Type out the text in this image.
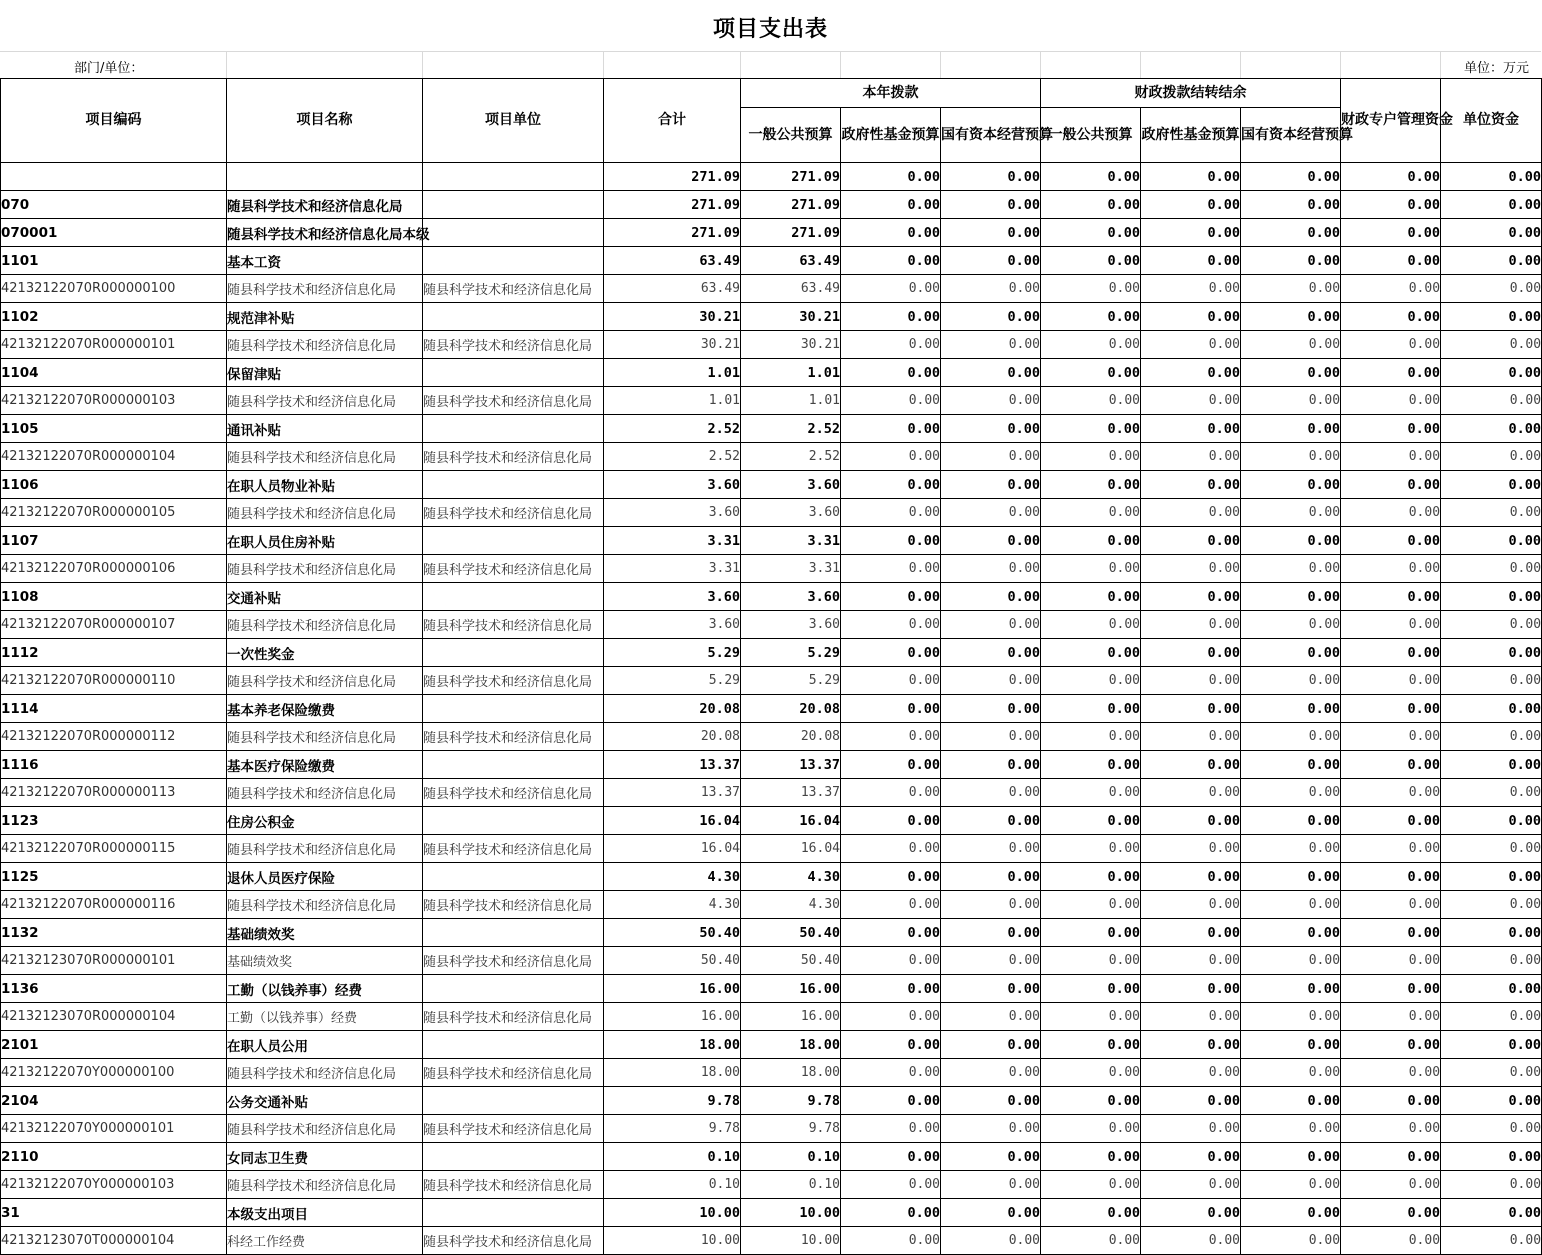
项目支出表
部门/单位：	单位：万元
项目编码	项目名称	项目单位	合计	本年拨款			财政拨款结转结余			财政专户管理资金	单位资金
				一般公共预算	政府性基金预算	国有资本经营预算	一般公共预算	政府性基金预算	国有资本经营预算		
			271.09	271.09	0.00	0.00	0.00	0.00	0.00	0.00	0.00
070	随县科学技术和经济信息化局		271.09	271.09	0.00	0.00	0.00	0.00	0.00	0.00	0.00
070001	随县科学技术和经济信息化局本级		271.09	271.09	0.00	0.00	0.00	0.00	0.00	0.00	0.00
1101	基本工资		63.49	63.49	0.00	0.00	0.00	0.00	0.00	0.00	0.00
42132122070R000000100	随县科学技术和经济信息化局	随县科学技术和经济信息化局	63.49	63.49	0.00	0.00	0.00	0.00	0.00	0.00	0.00
1102	规范津补贴		30.21	30.21	0.00	0.00	0.00	0.00	0.00	0.00	0.00
42132122070R000000101	随县科学技术和经济信息化局	随县科学技术和经济信息化局	30.21	30.21	0.00	0.00	0.00	0.00	0.00	0.00	0.00
1104	保留津贴		1.01	1.01	0.00	0.00	0.00	0.00	0.00	0.00	0.00
42132122070R000000103	随县科学技术和经济信息化局	随县科学技术和经济信息化局	1.01	1.01	0.00	0.00	0.00	0.00	0.00	0.00	0.00
1105	通讯补贴		2.52	2.52	0.00	0.00	0.00	0.00	0.00	0.00	0.00
42132122070R000000104	随县科学技术和经济信息化局	随县科学技术和经济信息化局	2.52	2.52	0.00	0.00	0.00	0.00	0.00	0.00	0.00
1106	在职人员物业补贴		3.60	3.60	0.00	0.00	0.00	0.00	0.00	0.00	0.00
42132122070R000000105	随县科学技术和经济信息化局	随县科学技术和经济信息化局	3.60	3.60	0.00	0.00	0.00	0.00	0.00	0.00	0.00
1107	在职人员住房补贴		3.31	3.31	0.00	0.00	0.00	0.00	0.00	0.00	0.00
42132122070R000000106	随县科学技术和经济信息化局	随县科学技术和经济信息化局	3.31	3.31	0.00	0.00	0.00	0.00	0.00	0.00	0.00
1108	交通补贴		3.60	3.60	0.00	0.00	0.00	0.00	0.00	0.00	0.00
42132122070R000000107	随县科学技术和经济信息化局	随县科学技术和经济信息化局	3.60	3.60	0.00	0.00	0.00	0.00	0.00	0.00	0.00
1112	一次性奖金		5.29	5.29	0.00	0.00	0.00	0.00	0.00	0.00	0.00
42132122070R000000110	随县科学技术和经济信息化局	随县科学技术和经济信息化局	5.29	5.29	0.00	0.00	0.00	0.00	0.00	0.00	0.00
1114	基本养老保险缴费		20.08	20.08	0.00	0.00	0.00	0.00	0.00	0.00	0.00
42132122070R000000112	随县科学技术和经济信息化局	随县科学技术和经济信息化局	20.08	20.08	0.00	0.00	0.00	0.00	0.00	0.00	0.00
1116	基本医疗保险缴费		13.37	13.37	0.00	0.00	0.00	0.00	0.00	0.00	0.00
42132122070R000000113	随县科学技术和经济信息化局	随县科学技术和经济信息化局	13.37	13.37	0.00	0.00	0.00	0.00	0.00	0.00	0.00
1123	住房公积金		16.04	16.04	0.00	0.00	0.00	0.00	0.00	0.00	0.00
42132122070R000000115	随县科学技术和经济信息化局	随县科学技术和经济信息化局	16.04	16.04	0.00	0.00	0.00	0.00	0.00	0.00	0.00
1125	退休人员医疗保险		4.30	4.30	0.00	0.00	0.00	0.00	0.00	0.00	0.00
42132122070R000000116	随县科学技术和经济信息化局	随县科学技术和经济信息化局	4.30	4.30	0.00	0.00	0.00	0.00	0.00	0.00	0.00
1132	基础绩效奖		50.40	50.40	0.00	0.00	0.00	0.00	0.00	0.00	0.00
42132123070R000000101	基础绩效奖	随县科学技术和经济信息化局	50.40	50.40	0.00	0.00	0.00	0.00	0.00	0.00	0.00
1136	工勤（以钱养事）经费		16.00	16.00	0.00	0.00	0.00	0.00	0.00	0.00	0.00
42132123070R000000104	工勤（以钱养事）经费	随县科学技术和经济信息化局	16.00	16.00	0.00	0.00	0.00	0.00	0.00	0.00	0.00
2101	在职人员公用		18.00	18.00	0.00	0.00	0.00	0.00	0.00	0.00	0.00
42132122070Y000000100	随县科学技术和经济信息化局	随县科学技术和经济信息化局	18.00	18.00	0.00	0.00	0.00	0.00	0.00	0.00	0.00
2104	公务交通补贴		9.78	9.78	0.00	0.00	0.00	0.00	0.00	0.00	0.00
42132122070Y000000101	随县科学技术和经济信息化局	随县科学技术和经济信息化局	9.78	9.78	0.00	0.00	0.00	0.00	0.00	0.00	0.00
2110	女同志卫生费		0.10	0.10	0.00	0.00	0.00	0.00	0.00	0.00	0.00
42132122070Y000000103	随县科学技术和经济信息化局	随县科学技术和经济信息化局	0.10	0.10	0.00	0.00	0.00	0.00	0.00	0.00	0.00
31	本级支出项目		10.00	10.00	0.00	0.00	0.00	0.00	0.00	0.00	0.00
42132123070T000000104	科经工作经费	随县科学技术和经济信息化局	10.00	10.00	0.00	0.00	0.00	0.00	0.00	0.00	0.00
